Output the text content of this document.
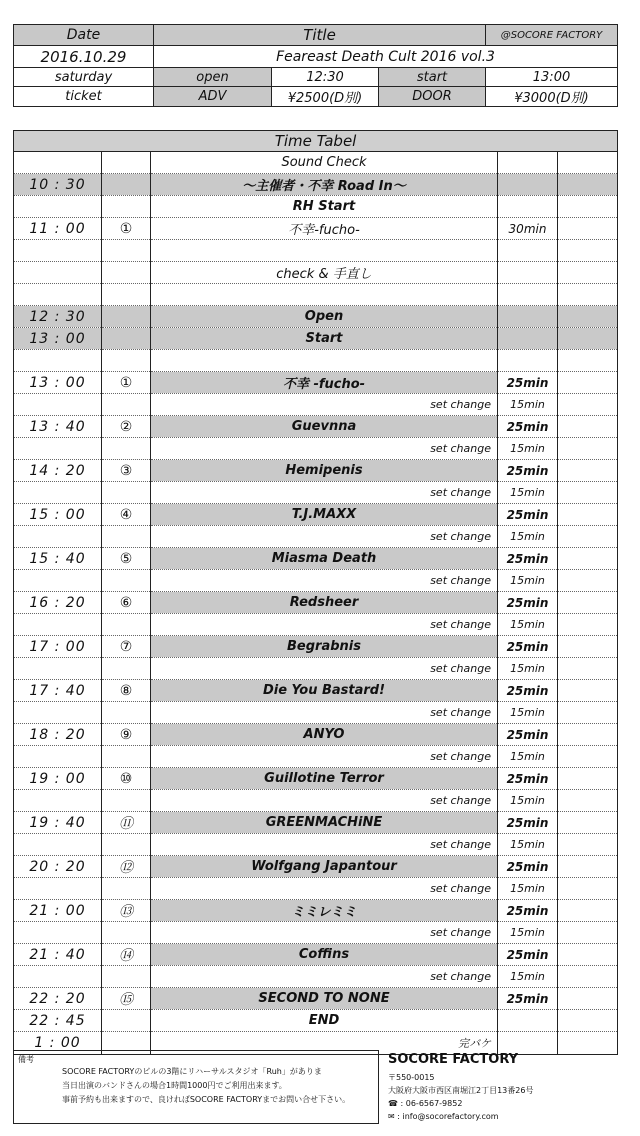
Date	Title			@SOCORE FACTORY
2016.10.29	Feareast Death Cult 2016 vol.3			
saturday	open	12:30	start	13:00
ticket	ADV	¥2500(D別)	DOOR	¥3000(D別)
Time Tabel				
		Sound Check		
10 : 30		～主催者・不幸 Road In～		
		RH Start		
11 : 00	①	不幸-fucho-	30min	

		check & 手直し		

12 : 30		Open		
13 : 00		Start		

13 : 00	①	不幸 -fucho-	25min	
		set change	15min	
13 : 40	②	Guevnna	25min	
		set change	15min	
14 : 20	③	Hemipenis	25min	
		set change	15min	
15 : 00	④	T.J.MAXX	25min	
		set change	15min	
15 : 40	⑤	Miasma Death	25min	
		set change	15min	
16 : 20	⑥	Redsheer	25min	
		set change	15min	
17 : 00	⑦	Begrabnis	25min	
		set change	15min	
17 : 40	⑧	Die You Bastard!	25min	
		set change	15min	
18 : 20	⑨	ANYO	25min	
		set change	15min	
19 : 00	⑩	Guillotine Terror	25min	
		set change	15min	
19 : 40	⑪	GREENMACHiNE	25min	
		set change	15min	
20 : 20	⑫	Wolfgang Japantour	25min	
		set change	15min	
21 : 00	⑬	ミミレミミ	25min	
		set change	15min	
21 : 40	⑭	Coffins	25min	
		set change	15min	
22 : 20	⑮	SECOND TO NONE	25min	
22 : 45		END		
1 : 00		完バケ		
備考
SOCORE FACTORYのビルの3階にリハーサルスタジオ「Ruh」がありま
当日出演のバンドさんの場合1時間1000円でご利用出来ます。
事前予約も出来ますので、良ければSOCORE FACTORYまでお問い合せ下さい。
SOCORE FACTORY
〒550-0015
大阪府大阪市西区南堀江2丁目13番26号
☎ : 06-6567-9852
✉ : info@socorefactory.com
